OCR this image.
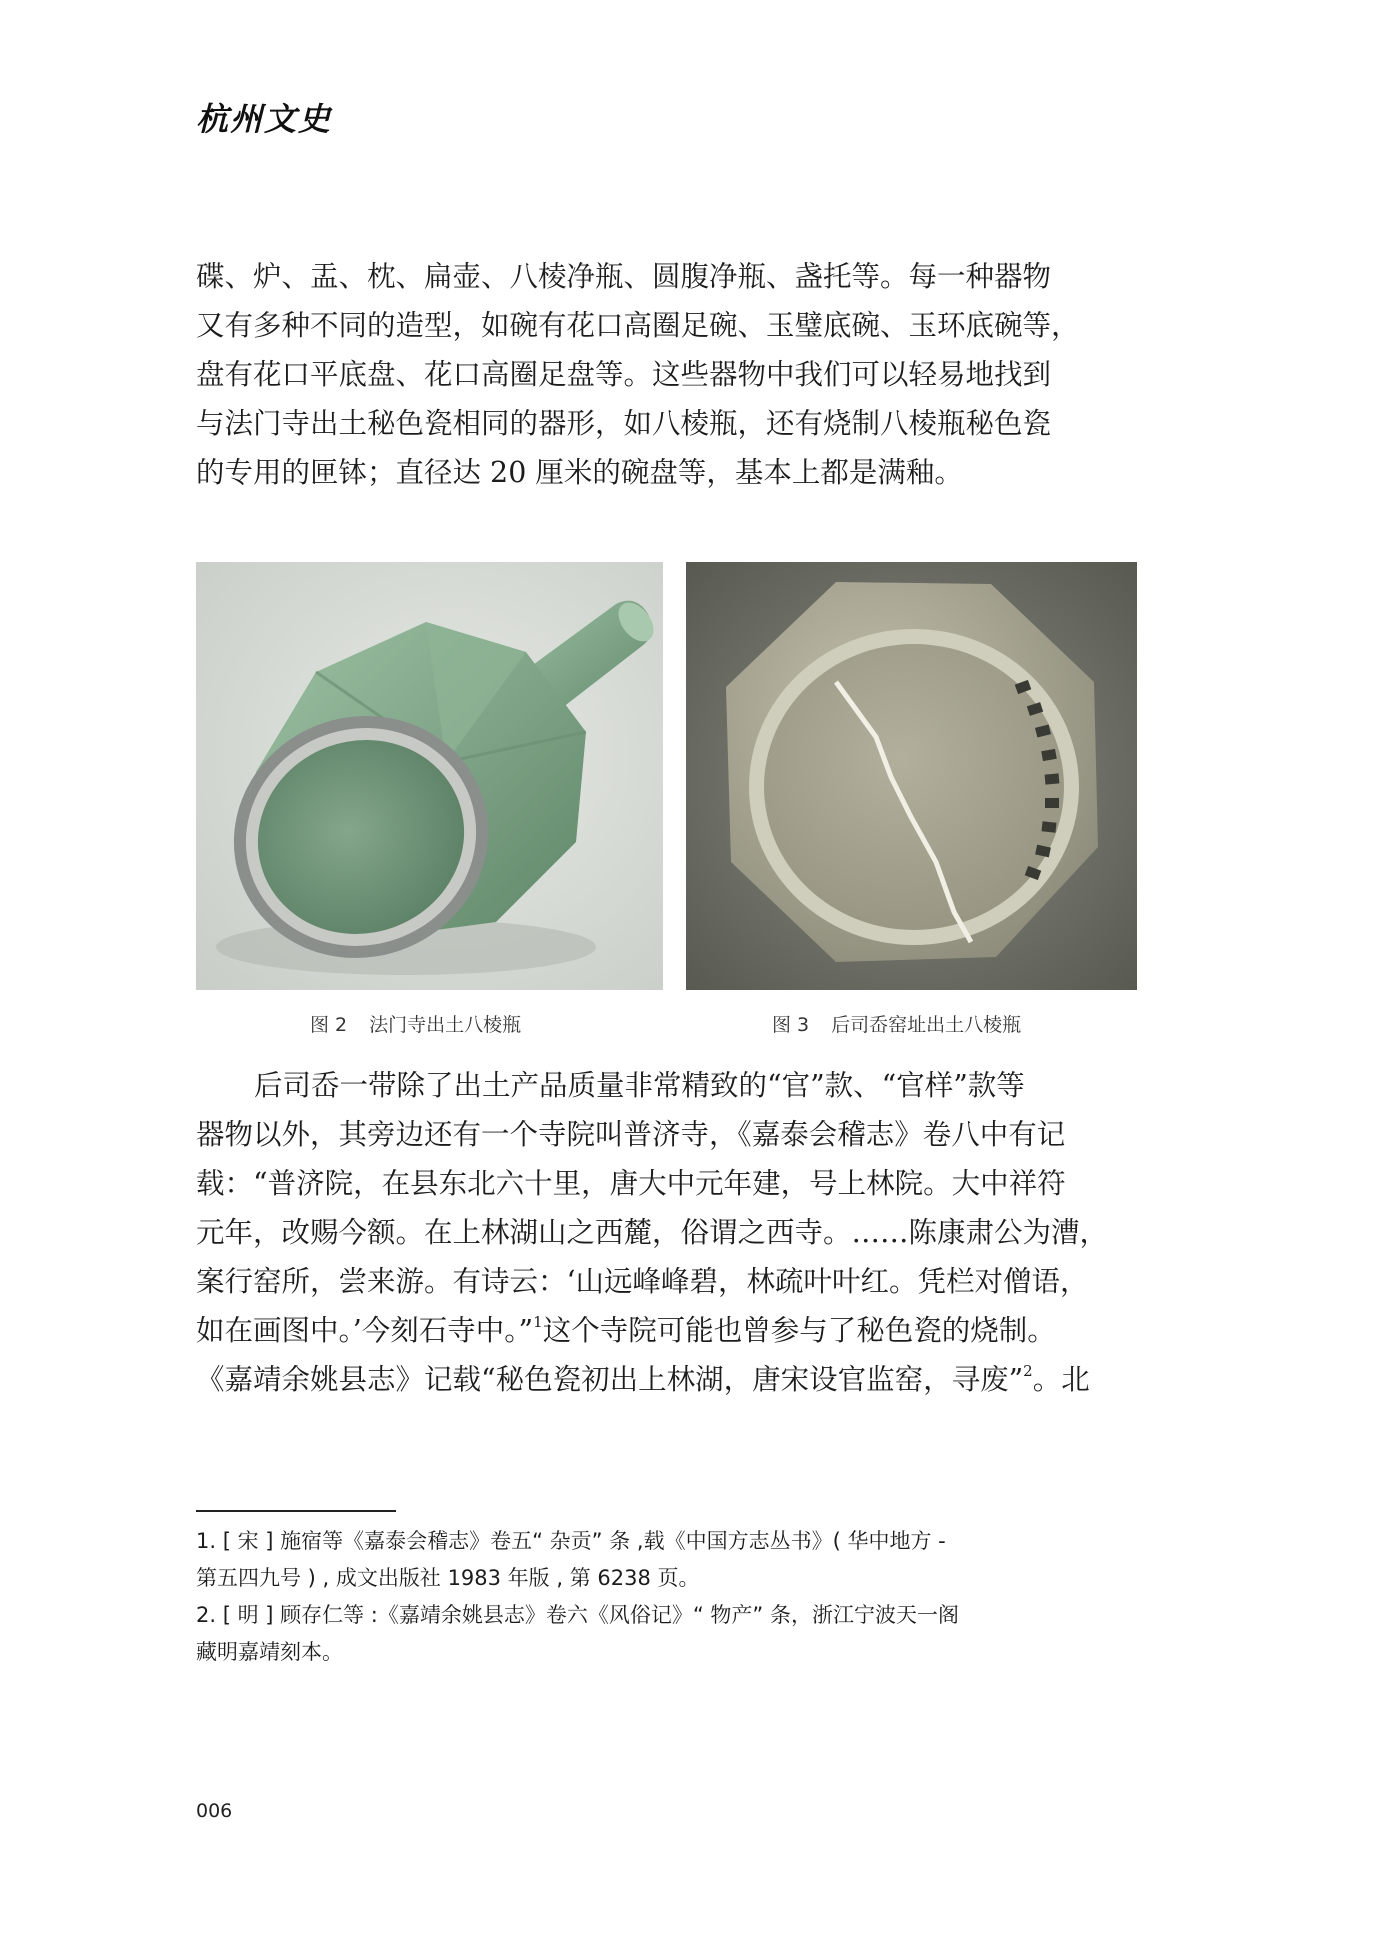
杭州文史

碟、炉、盂、枕、扁壶、八棱净瓶、圆腹净瓶、盏托等。每一种器物
又有多种不同的造型，如碗有花口高圈足碗、玉璧底碗、玉环底碗等，
盘有花口平底盘、花口高圈足盘等。这些器物中我们可以轻易地找到
与法门寺出土秘色瓷相同的器形，如八棱瓶，还有烧制八棱瓶秘色瓷
的专用的匣钵；直径达 20 厘米的碗盘等，基本上都是满釉。

图 2 法门寺出土八棱瓶	图 3 后司岙窑址出土八棱瓶

后司岙一带除了出土产品质量非常精致的“官”款、“官样”款等
器物以外，其旁边还有一个寺院叫普济寺，《嘉泰会稽志》卷八中有记
载：“普济院，在县东北六十里，唐大中元年建，号上林院。大中祥符
元年，改赐今额。在上林湖山之西麓，俗谓之西寺。……陈康肃公为漕，
案行窑所，尝来游。有诗云：‘山远峰峰碧，林疏叶叶红。凭栏对僧语，
如在画图中。’今刻石寺中。”$^1$这个寺院可能也曾参与了秘色瓷的烧制。
《嘉靖余姚县志》记载“秘色瓷初出上林湖，唐宋设官监窑，寻废”$^2$。北

1. [ 宋 ] 施宿等《嘉泰会稽志》卷五“ 杂贡” 条 ,载《中国方志丛书》( 华中地方 -
第五四九号 ) , 成文出版社 1983 年版 , 第 6238 页。

2. [ 明 ] 顾存仁等 :《嘉靖余姚县志》卷六《风俗记》“ 物产” 条，浙江宁波天一阁
藏明嘉靖刻本。

006
